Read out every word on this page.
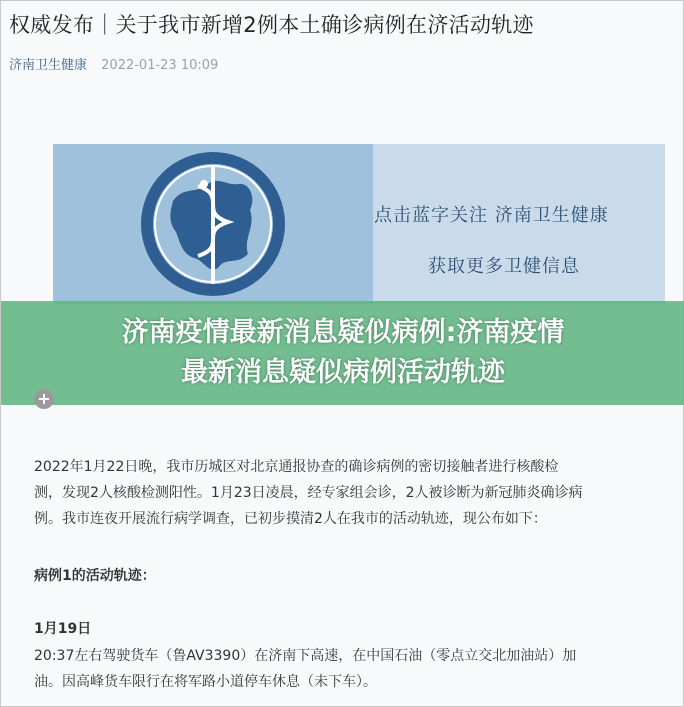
权威发布｜关于我市新增2例本土确诊病例在济活动轨迹
济南卫生健康 2022-01-23 10:09
点击蓝字关注 济南卫生健康
获取更多卫健信息
济南疫情最新消息疑似病例:济南疫情
最新消息疑似病例活动轨迹
+
2022年1月22日晚，我市历城区对北京通报协查的确诊病例的密切接触者进行核酸检
测，发现2人核酸检测阳性。1月23日凌晨，经专家组会诊，2人被诊断为新冠肺炎确诊病
例。我市连夜开展流行病学调查，已初步摸清2人在我市的活动轨迹，现公布如下：
病例1的活动轨迹：
1月19日
20:37左右驾驶货车（鲁AV3390）在济南下高速，在中国石油（零点立交北加油站）加
油。因高峰货车限行在将军路小道停车休息（未下车）。
